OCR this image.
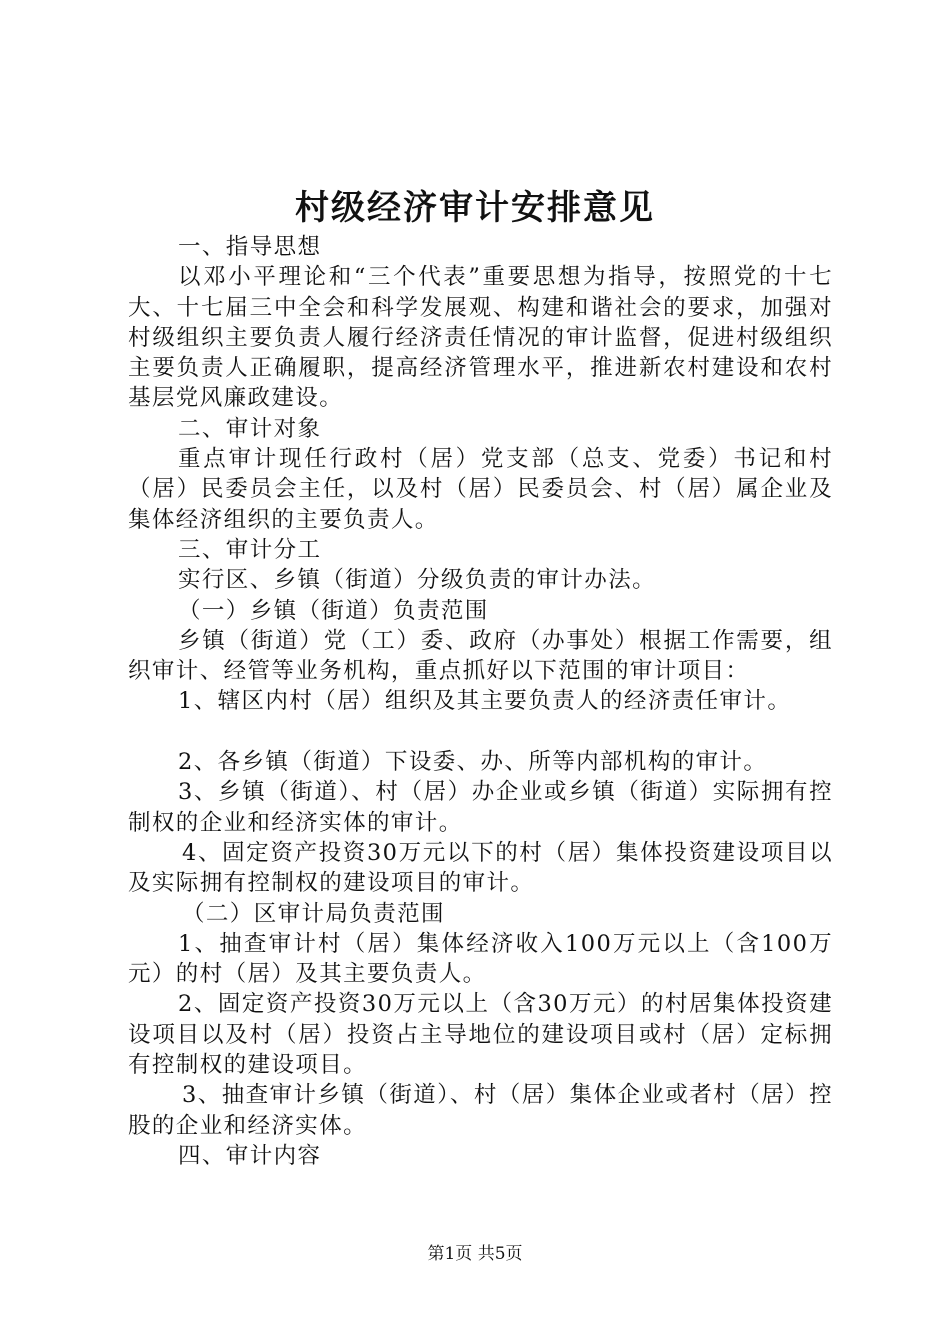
村级经济审计安排意见

一、指导思想

以邓小平理论和“三个代表”重要思想为指导，按照党的十七大、十七届三中全会和科学发展观、构建和谐社会的要求，加强对村级组织主要负责人履行经济责任情况的审计监督，促进村级组织主要负责人正确履职，提高经济管理水平，推进新农村建设和农村基层党风廉政建设。

二、审计对象

重点审计现任行政村（居）党支部（总支、党委）书记和村（居）民委员会主任，以及村（居）民委员会、村（居）属企业及集体经济组织的主要负责人。

三、审计分工

实行区、乡镇（街道）分级负责的审计办法。

（一）乡镇（街道）负责范围

乡镇（街道）党（工）委、政府（办事处）根据工作需要，组织审计、经管等业务机构，重点抓好以下范围的审计项目：

1、辖区内村（居）组织及其主要负责人的经济责任审计。

2、各乡镇（街道）下设委、办、所等内部机构的审计。

3、乡镇（街道）、村（居）办企业或乡镇（街道）实际拥有控制权的企业和经济实体的审计。

4、固定资产投资30万元以下的村（居）集体投资建设项目以及实际拥有控制权的建设项目的审计。

（二）区审计局负责范围

1、抽查审计村（居）集体经济收入100万元以上（含100万元）的村（居）及其主要负责人。

2、固定资产投资30万元以上（含30万元）的村居集体投资建设项目以及村（居）投资占主导地位的建设项目或村（居）定标拥有控制权的建设项目。

3、抽查审计乡镇（街道）、村（居）集体企业或者村（居）控股的企业和经济实体。

四、审计内容

第1页 共5页
